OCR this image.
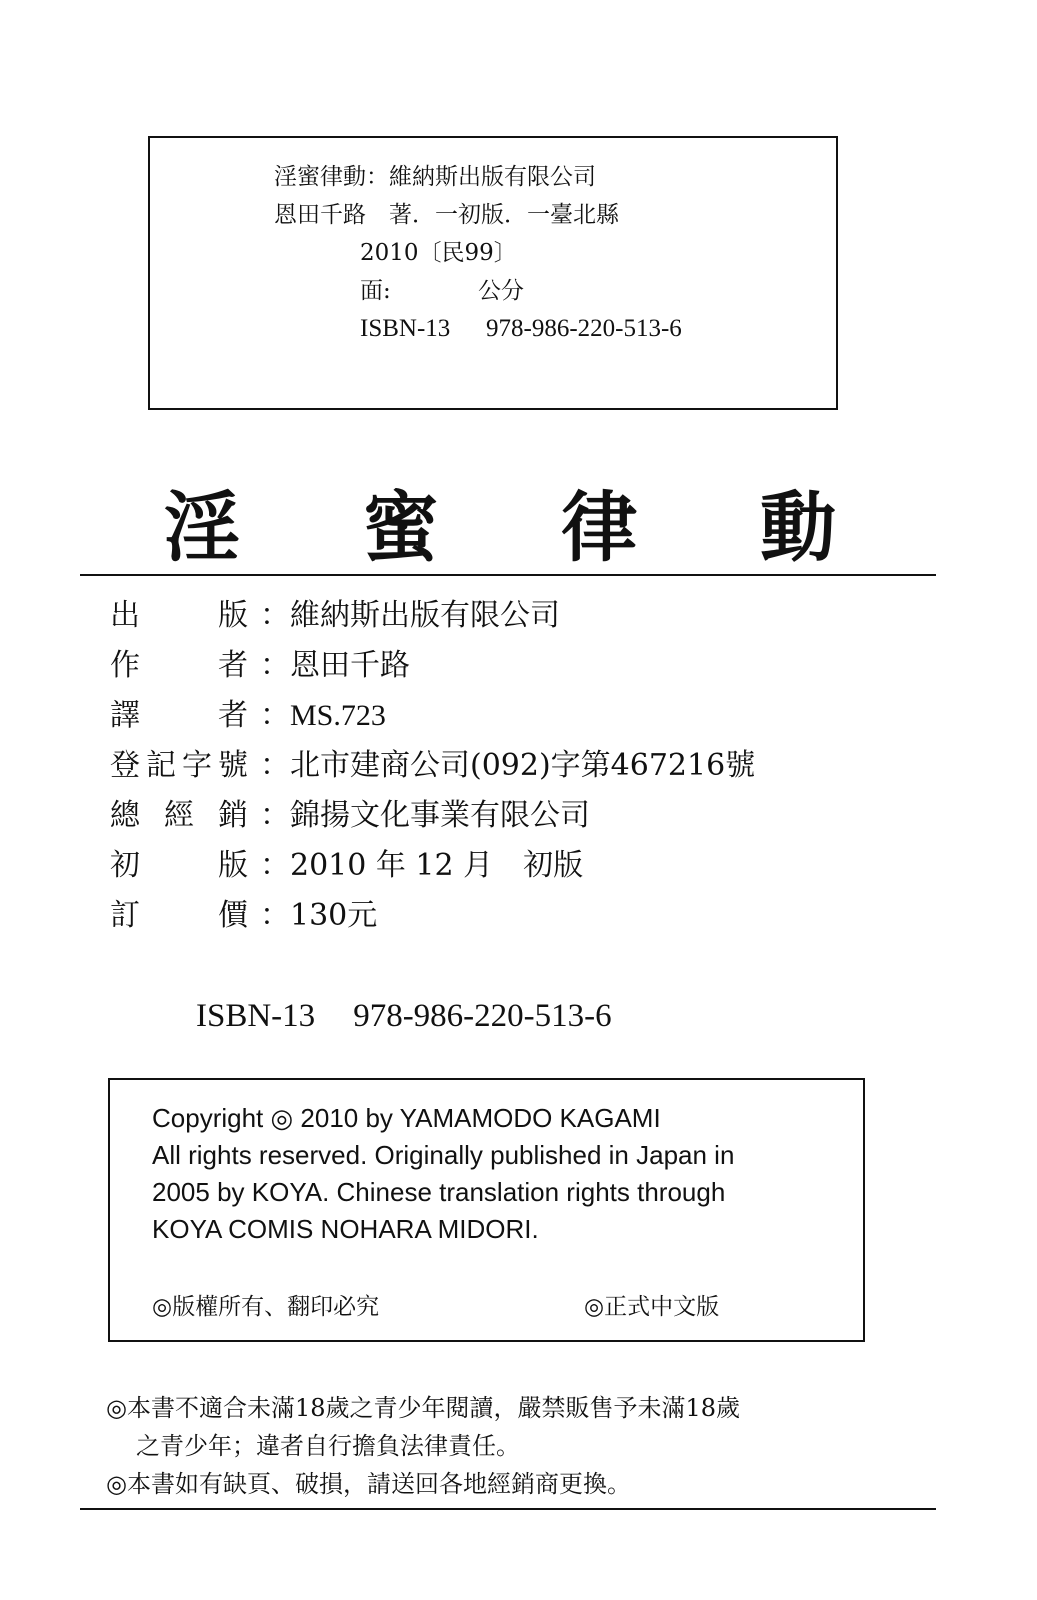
淫蜜律動：維納斯出版有限公司
恩田千路　著．一初版．一臺北縣
2010〔民99〕
面:	公分
ISBN-13 978-986-220-513-6
淫 蜜 律 動
出	版 ：維納斯出版有限公司
作	者 ：恩田千路
譯	者 ：MS.723
登 記 字 號 ：北市建商公司(092)字第467216號
總 經 銷 ：錦揚文化事業有限公司
初	版 ：2010 年 12 月　初版
訂	價 ：130元
ISBN-13 978-986-220-513-6
Copyright ◎ 2010 by YAMAMODO KAGAMI
All rights reserved. Originally published in Japan in
2005 by KOYA. Chinese translation rights through
KOYA COMIS NOHARA MIDORI.
◎版權所有、翻印必究	◎正式中文版
◎本書不適合未滿18歲之青少年閱讀，嚴禁販售予未滿18歲
之青少年；違者自行擔負法律責任。
◎本書如有缺頁、破損，請送回各地經銷商更換。
